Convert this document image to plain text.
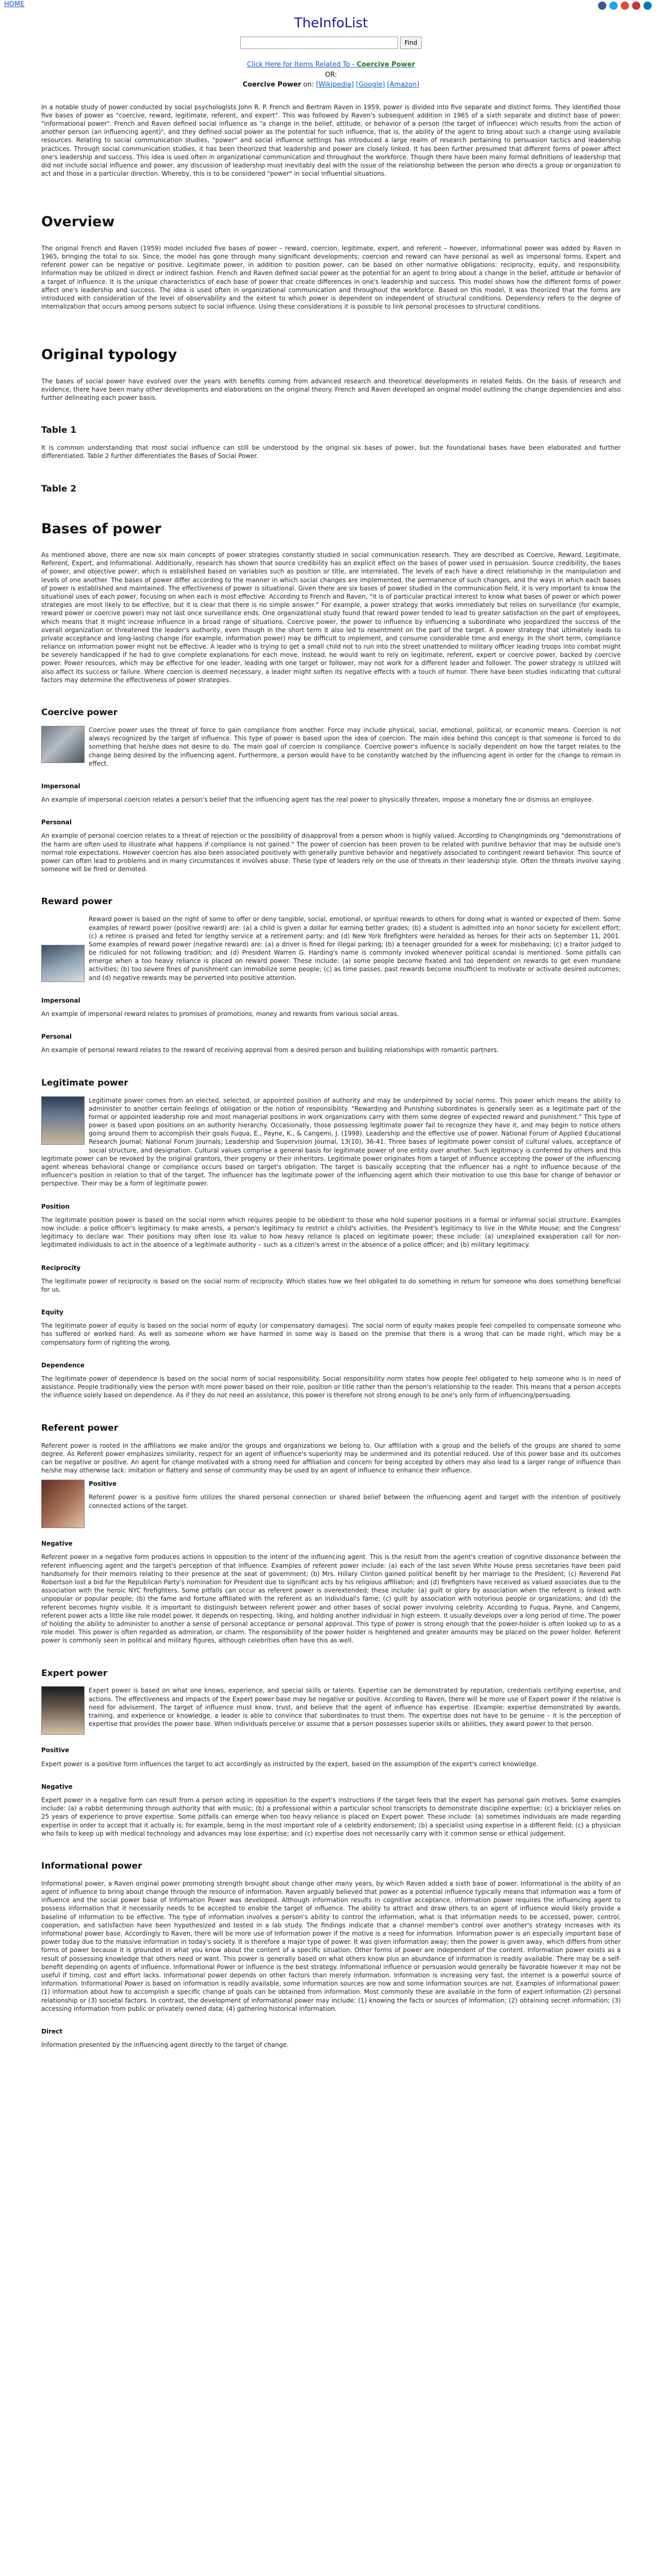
HOME
TheInfoList
Find
Click Here for Items Related To - Coercive Power
OR:
Coercive Power on: [Wikipedia] [Google] [Amazon]

In a notable study of power conducted by social psychologists John R. P. French and Bertram Raven in 1959, power is divided into five separate and distinct forms. They identified those five bases of power as "coercive, reward, legitimate, referent, and expert". This was followed by Raven's subsequent addition in 1965 of a sixth separate and distinct base of power: "informational power". French and Raven defined social influence as "a change in the belief, attitude, or behavior of a person (the target of influence) which results from the action of another person (an influencing agent)", and they defined social power as the potential for such influence, that is, the ability of the agent to bring about such a change using available resources. Relating to social communication studies, "power" and social influence settings has introduced a large realm of research pertaining to persuasion tactics and leadership practices. Through social communication studies, it has been theorized that leadership and power are closely linked. It has been further presumed that different forms of power affect one's leadership and success. This idea is used often in organizational communication and throughout the workforce. Though there have been many formal definitions of leadership that did not include social influence and power, any discussion of leadership must inevitably deal with the issue of the relationship between the person who directs a group or organization to act and those in a particular direction. Whereby, this is to be considered "power" in social influential situations.

Overview

The original French and Raven (1959) model included five bases of power – reward, coercion, legitimate, expert, and referent – however, informational power was added by Raven in 1965, bringing the total to six. Since, the model has gone through many significant developments; coercion and reward can have personal as well as impersonal forms. Expert and referent power can be negative or positive. Legitimate power, in addition to position power, can be based on other normative obligations: reciprocity, equity, and responsibility. Information may be utilized in direct or indirect fashion. French and Raven defined social power as the potential for an agent to bring about a change in the belief, attitude or behavior of a target of influence. It is the unique characteristics of each base of power that create differences in one's leadership and success. This model shows how the different forms of power affect one's leadership and success. The idea is used often in organizational communication and throughout the workforce. Based on this model, it was theorized that the forms are introduced with consideration of the level of observability and the extent to which power is dependent on independent of structural conditions. Dependency refers to the degree of internalization that occurs among persons subject to social influence. Using these considerations it is possible to link personal processes to structural conditions.

Original typology

The bases of social power have evolved over the years with benefits coming from advanced research and theoretical developments in related fields. On the basis of research and evidence, there have been many other developments and elaborations on the original theory. French and Raven developed an original model outlining the change dependencies and also further delineating each power basis.

Table 1

It is common understanding that most social influence can still be understood by the original six bases of power, but the foundational bases have been elaborated and further differentiated. Table 2 further differentiates the Bases of Social Power.

Table 2
Bases of power

As mentioned above, there are now six main concepts of power strategies constantly studied in social communication research. They are described as Coercive, Reward, Legitimate, Referent, Expert, and Informational. Additionally, research has shown that source credibility has an explicit effect on the bases of power used in persuasion. Source credibility, the bases of power, and objective power, which is established based on variables such as position or title, are interrelated. The levels of each have a direct relationship in the manipulation and levels of one another. The bases of power differ according to the manner in which social changes are implemented, the permanence of such changes, and the ways in which each bases of power is established and maintained. The effectiveness of power is situational. Given there are six bases of power studied in the communication field, it is very important to know the situational uses of each power, focusing on when each is most effective. According to French and Raven, "it is of particular practical interest to know what bases of power or which power strategies are most likely to be effective, but it is clear that there is no simple answer." For example, a power strategy that works immediately but relies on surveillance (for example, reward power or coercive power) may not last once surveillance ends. One organizational study found that reward power tended to lead to greater satisfaction on the part of employees, which means that it might increase influence in a broad range of situations. Coercive power, the power to influence by influencing a subordinate who jeopardized the success of the overall organization or threatened the leader's authority, even though in the short term it also led to resentment on the part of the target. A power strategy that ultimately leads to private acceptance and long-lasting change (for example, information power) may be difficult to implement, and consume considerable time and energy. In the short term, compliance reliance on information power might not be effective. A leader who is trying to get a small child not to run into the street unattended to military officer leading troops into combat might be severely handicapped if he had to give complete explanations for each move. Instead, he would want to rely on legitimate, referent, expert or coercive power, backed by coercive power. Power resources, which may be effective for one leader, leading with one target or follower, may not work for a different leader and follower. The power strategy is utilized will also affect its success or failure. Where coercion is deemed necessary, a leader might soften its negative effects with a touch of humor. There have been studies indicating that cultural factors may determine the effectiveness of power strategies.

Coercive power

Coercive power uses the threat of force to gain compliance from another. Force may include physical, social, emotional, political, or economic means. Coercion is not always recognized by the target of influence. This type of power is based upon the idea of coercion. The main idea behind this concept is that someone is forced to do something that he/she does not desire to do. The main goal of coercion is compliance. Coercive power's influence is socially dependent on how the target relates to the change being desired by the influencing agent. Furthermore, a person would have to be constantly watched by the influencing agent in order for the change to remain in effect.

Impersonal

An example of impersonal coercion relates a person's belief that the influencing agent has the real power to physically threaten, impose a monetary fine or dismiss an employee.

Personal

An example of personal coercion relates to a threat of rejection or the possibility of disapproval from a person whom is highly valued. According to Changingminds.org "demonstrations of the harm are often used to illustrate what happens if compliance is not gained." The power of coercion has been proven to be related with punitive behavior that may be outside one's normal role expectations. However coercion has also been associated positively with generally punitive behavior and negatively associated to contingent reward behavior. This source of power can often lead to problems and in many circumstances it involves abuse. These type of leaders rely on the use of threats in their leadership style. Often the threats involve saying someone will be fired or demoted.

Reward power

Reward power is based on the right of some to offer or deny tangible, social, emotional, or spiritual rewards to others for doing what is wanted or expected of them. Some examples of reward power (positive reward) are: (a) a child is given a dollar for earning better grades; (b) a student is admitted into an honor society for excellent effort; (c) a retiree is praised and feted for lengthy service at a retirement party; and (d) New York firefighters were heralded as heroes for their acts on September 11, 2001. Some examples of reward power (negative reward) are: (a) a driver is fined for illegal parking; (b) a teenager grounded for a week for misbehaving; (c) a traitor judged to be ridiculed for not following tradition; and (d) President Warren G. Harding's name is commonly invoked whenever political scandal is mentioned. Some pitfalls can emerge when a too heavy reliance is placed on reward power. These include: (a) some people become fixated and too dependent on rewards to get even mundane activities; (b) too severe fines of punishment can immobilize some people; (c) as time passes, past rewards become insufficient to motivate or activate desired outcomes; and (d) negative rewards may be perverted into positive attention.

Impersonal

An example of impersonal reward relates to promises of promotions, money and rewards from various social areas.

Personal

An example of personal reward relates to the reward of receiving approval from a desired person and building relationships with romantic partners.

Legitimate power

Legitimate power comes from an elected, selected, or appointed position of authority and may be underpinned by social norms. This power which means the ability to administer to another certain feelings of obligation or the notion of responsibility. "Rewarding and Punishing subordinates is generally seen as a legitimate part of the formal or appointed leadership role and most managerial positions in work organizations carry with them some degree of expected reward and punishment." This type of power is based upon positions on an authority hierarchy. Occasionally, those possessing legitimate power fail to recognize they have it, and may begin to notice others going around them to accomplish their goals Fuqua, E., Payne, K., & Cangemi, J. (1998). Leadership and the effective use of power. National Forum of Applied Educational Research Journal; National Forum Journals; Leadership and Supervision Journal, 13(10), 36-41. Three bases of legitimate power consist of cultural values, acceptance of social structure, and designation. Cultural values comprise a general basis for legitimate power of one entity over another. Such legitimacy is conferred by others and this legitimate power can be revoked by the original grantors, their progeny or their inheritors. Legitimate power originates from a target of influence accepting the power of the influencing agent whereas behavioral change or compliance occurs based on target's obligation. The target is basically accepting that the influencer has a right to influence because of the influencer's position in relation to that of the target. The influencer has the legitimate power of the influencing agent which their motivation to use this base for change of behavior or perspective. Their may be a form of legitimate power.

Position

The legitimate position power is based on the social norm which requires people to be obedient to those who hold superior positions in a formal or informal social structure. Examples now include: a police officer's legitimacy to make arrests, a person's legitimacy to restrict a child's activities, the President's legitimacy to live in the White House; and the Congress' legitimacy to declare war. Their positions may often lose its value to how heavy reliance is placed on legitimate power; these include: (a) unexplained exasperation call for non-legitimated individuals to act in the absence of a legitimate authority – such as a citizen's arrest in the absence of a police officer; and (b) military legitimacy.

Reciprocity

The legitimate power of reciprocity is based on the social norm of reciprocity. Which states how we feel obligated to do something in return for someone who does something beneficial for us.

Equity

The legitimate power of equity is based on the social norm of equity (or compensatory damages). The social norm of equity makes people feel compelled to compensate someone who has suffered or worked hard. As well as someone whom we have harmed in some way is based on the premise that there is a wrong that can be made right, which may be a compensatory form of righting the wrong.

Dependence

The legitimate power of dependence is based on the social norm of social responsibility. Social responsibility norm states how people feel obligated to help someone who is in need of assistance. People traditionally view the person with more power based on their role, position or title rather than the person's relationship to the reader. This means that a person accepts the influence solely based on dependence. As if they do not need an assistance, this power is therefore not strong enough to be one's only form of influencing/persuading.

Referent power

Referent power is rooted in the affiliations we make and/or the groups and organizations we belong to. Our affiliation with a group and the beliefs of the groups are shared to some degree. As Referent power emphasizes similarity, respect for an agent of influence's superiority may be undermined and its potential reduced. Use of this power base and its outcomes can be negative or positive. An agent for change motivated with a strong need for affiliation and concern for being accepted by others may also lead to a larger range of influence than he/she may otherwise lack: imitation or flattery and sense of community may be used by an agent of influence to enhance their influence.

Positive

Referent power is a positive form utilizes the shared personal connection or shared belief between the influencing agent and target with the intention of positively connected actions of the target.

Negative

Referent power in a negative form produces actions in opposition to the intent of the influencing agent. This is the result from the agent's creation of cognitive dissonance between the referent influencing agent and the target's perception of that influence. Examples of referent power include: (a) each of the last seven White House press secretaries have been paid handsomely for their memoirs relating to their presence at the seat of government; (b) Mrs. Hillary Clinton gained political benefit by her marriage to the President; (c) Reverend Pat Robertson lost a bid for the Republican Party's nomination for President due to significant acts by his religious affiliation; and (d) firefighters have received as valued associates due to the association with the heroic NYC firefighters. Some pitfalls can occur as referent power is overextended; these include: (a) guilt or glory by association when the referent is linked with unpopular or popular people; (b) the fame and fortune affiliated with the referent as an individual's fame; (c) guilt by association with notorious people or organizations; and (d) the referent becomes highly visible. It is important to distinguish between referent power and other bases of social power involving celebrity. According to Fuqua, Payne, and Cangemi, referent power acts a little like role model power. It depends on respecting, liking, and holding another individual in high esteem. It usually develops over a long period of time. The power of holding the ability to administer to another a sense of personal acceptance or personal approval. This type of power is strong enough that the power-holder is often looked up to as a role model. This power is often regarded as admiration, or charm. The responsibility of the power holder is heightened and greater amounts may be placed on the power holder. Referent power is commonly seen in political and military figures, although celebrities often have this as well.

Expert power

Expert power is based on what one knows, experience, and special skills or talents. Expertise can be demonstrated by reputation, credentials certifying expertise, and actions. The effectiveness and impacts of the Expert power base may be negative or positive. According to Raven, there will be more use of Expert power if the relative is need for advisement. The target of influence must know, trust, and believe that the agent of influence has expertise. (Example: expertise demonstrated by awards, training, and experience or knowledge, a leader is able to convince that subordinates to trust them. The expertise does not have to be genuine – it is the perception of expertise that provides the power base. When individuals perceive or assume that a person possesses superior skills or abilities, they award power to that person.

Positive

Expert power is a positive form influences the target to act accordingly as instructed by the expert, based on the assumption of the expert's correct knowledge.

Negative

Expert power in a negative form can result from a person acting in opposition to the expert's instructions if the target feels that the expert has personal gain motives. Some examples include: (a) a rabbit determining through authority that with music; (b) a professional within a particular school transcripts to demonstrate discipline expertise; (c) a bricklayer relies on 25 years of experience to prove expertise. Some pitfalls can emerge when too heavy reliance is placed on Expert power. These include: (a) sometimes individuals are made regarding expertise in order to accept that it actually is; for example, being in the most important role of a celebrity endorsement; (b) a specialist using expertise in a different field; (c) a physician who fails to keep up with medical technology and advances may lose expertise; and (c) expertise does not necessarily carry with it common sense or ethical judgement.

Informational power

Informational power, a Raven original power promoting strength brought about change other many years, by which Raven added a sixth base of power. Informational is the ability of an agent of influence to bring about change through the resource of information. Raven arguably believed that power as a potential influence typically means that information was a form of influence and the social power base of Information Power was developed. Although information results in cognitive acceptance, information power requires the influencing agent to possess information that it necessarily needs to be accepted to enable the target of influence. The ability to attract and draw others to an agent of influence would likely provide a baseline of information to be effective. The type of information involves a person's ability to control the information, what is that information needs to be accessed, power, control, cooperation, and satisfaction have been hypothesized and tested in a lab study. The findings indicate that a channel member's control over another's strategy increases with its informational power base. Accordingly to Raven, there will be more use of Information power if the motive is a need for information. Information power is an especially important base of power today due to the massive information in today's society. It is therefore a major type of power. It was given information away; then the power is given away, which differs from other forms of power because it is grounded in what you know about the content of a specific situation. Other forms of power are independent of the content. Information power exists as a result of possessing knowledge that others need or want. This power is generally based on what others know plus an abundance of information is readily available. There may be a self-benefit depending on agents of influence. Informational Power or influence is the best strategy. Informational influence or persuasion would generally be favorable however it may not be useful if timing, cost and effort lacks. Informational power depends on other factors than merely information. Information is increasing very fast, the internet is a powerful source of information. Informational Power is based on information is readily available, some information sources are now and some information sources are not. Examples of informational power: (1) information about how to accomplish a specific change of goals can be obtained from information. Most commonly these are available in the form of expert information (2) personal relationship or (3) societal factors. In contrast, the development of informational power may include: (1) knowing the facts or sources of information; (2) obtaining secret information; (3) accessing information from public or privately owned data; (4) gathering historical information.

Direct

Information presented by the influencing agent directly to the target of change.
